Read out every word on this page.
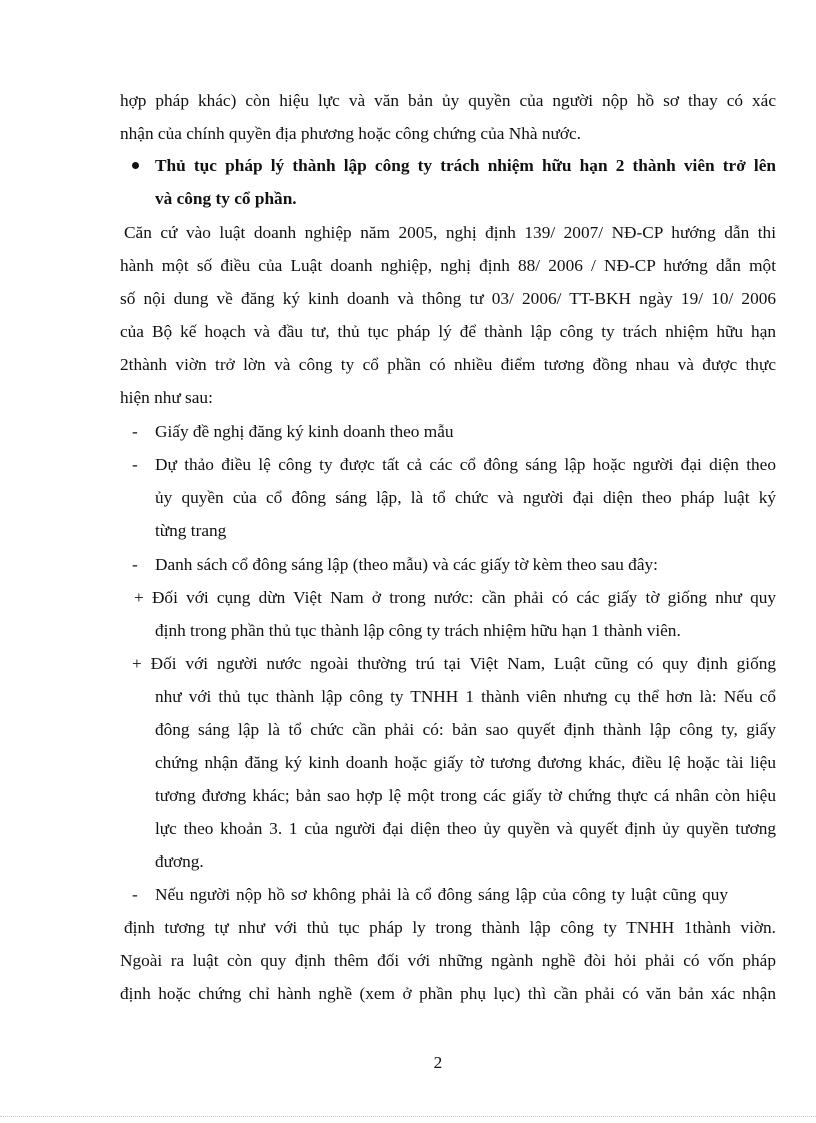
hợp pháp khác) còn hiệu lực và văn bản ủy quyền của người nộp hồ sơ thay có xác

nhận của chính quyền địa phương hoặc công chứng của Nhà nước.

Thủ tục pháp lý thành lập công ty trách nhiệm hữu hạn 2 thành viên trở lên

và công ty cổ phần.

Căn cứ vào luật doanh nghiệp năm 2005, nghị định 139/ 2007/ NĐ-CP hướng dẫn thi

hành một số điều của Luật doanh nghiệp, nghị định 88/ 2006 / NĐ-CP hướng dẫn một

số nội dung về đăng ký kinh doanh và thông tư 03/ 2006/ TT-BKH ngày 19/ 10/ 2006

của Bộ kế hoạch và đầu tư, thủ tục pháp lý để thành lập công ty trách nhiệm hữu hạn

2thành viờn trở lờn và công ty cổ phần có nhiều điểm tương đồng nhau và được thực

hiện như sau:

- Giấy đề nghị đăng ký kinh doanh theo mẫu

- Dự thảo điều lệ công ty được tất cả các cổ đông sáng lập hoặc người đại diện theo

ủy quyền của cổ đông sáng lập, là tổ chức và người đại diện theo pháp luật ký

từng trang

- Danh sách cổ đông sáng lập (theo mẫu) và các giấy tờ kèm theo sau đây:

+ Đối với cụng dừn Việt Nam ở trong nước: cần phải có các giấy tờ giống như quy

định trong phần thủ tục thành lập công ty trách nhiệm hữu hạn 1 thành viên.

+ Đối với người nước ngoài thường trú tại Việt Nam, Luật cũng có quy định giống

như với thủ tục thành lập công ty TNHH 1 thành viên nhưng cụ thể hơn là: Nếu cổ

đông sáng lập là tổ chức cần phải có: bản sao quyết định thành lập công ty, giấy

chứng nhận đăng ký kinh doanh hoặc giấy tờ tương đương khác, điều lệ hoặc tài liệu

tương đương khác; bản sao hợp lệ một trong các giấy tờ chứng thực cá nhân còn hiệu

lực theo khoản 3. 1 của người đại diện theo ủy quyền và quyết định ủy quyền tương

đương.

- Nếu người nộp hồ sơ không phải là cổ đông sáng lập của công ty luật cũng quy

định tương tự như với thủ tục pháp ly trong thành lập công ty TNHH 1thành viờn.

Ngoài ra luật còn quy định thêm đối với những ngành nghề đòi hỏi phải có vốn pháp

định hoặc chứng chỉ hành nghề (xem ở phần phụ lục) thì cần phải có văn bản xác nhận

2
